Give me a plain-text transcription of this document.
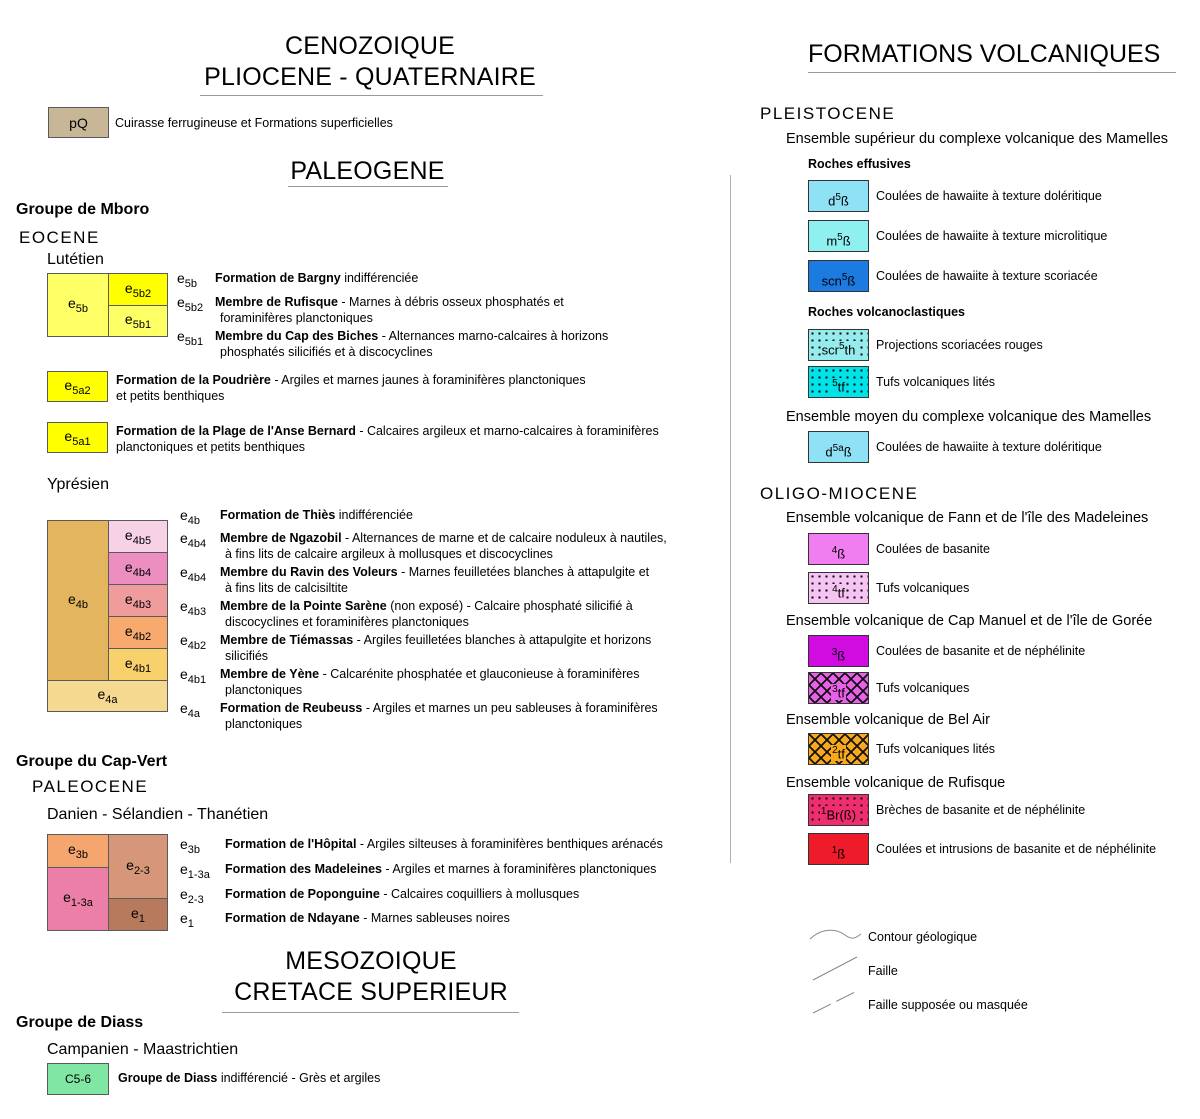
CENOZOIQUE
PLIOCENE - QUATERNAIRE
pQ Cuirasse ferrugineuse et Formations superficielles
PALEOGENE
Groupe de Mboro
EOCENE
Lutétien
$e_{5b}$
$e_{5b2}$
$e_{5b1}$
$e_{5b}$ Formation de Bargny indifférenciée
$e_{5b2}$ Membre de Rufisque - Marnes à débris osseux phosphatés et
foraminifères planctoniques
$e_{5b1}$ Membre du Cap des Biches - Alternances marno-calcaires à horizons
phosphatés silicifiés et à discocyclines
$e_{5a2}$
Formation de la Poudrière - Argiles et marnes jaunes à foraminifères planctoniques
et petits benthiques
$e_{5a1}$
Formation de la Plage de l'Anse Bernard - Calcaires argileux et marno-calcaires à foraminifères
planctoniques et petits benthiques
Yprésien
$e_{4b}$
$e_{4b5}$
$e_{4b4}$
$e_{4b3}$
$e_{4b2}$
$e_{4b1}$
$e_{4a}$
$e_{4b}$ Formation de Thiès indifférenciée
$e_{4b4}$ Membre de Ngazobil - Alternances de marne et de calcaire noduleux à nautiles,
à fins lits de calcaire argileux à mollusques et discocyclines
$e_{4b4}$ Membre du Ravin des Voleurs - Marnes feuilletées blanches à attapulgite et
à fins lits de calcisiltite
$e_{4b3}$ Membre de la Pointe Sarène (non exposé) - Calcaire phosphaté silicifié à
discocyclines et foraminifères planctoniques
$e_{4b2}$ Membre de Tiémassas - Argiles feuilletées blanches à attapulgite et horizons
silicifiés
$e_{4b1}$ Membre de Yène - Calcarénite phosphatée et glauconieuse à foraminifères
planctoniques
$e_{4a}$ Formation de Reubeuss - Argiles et marnes un peu sableuses à foraminifères
planctoniques
Groupe du Cap-Vert
PALEOCENE
Danien - Sélandien - Thanétien
$e_{3b}$
$e_{1-3a}$
$e_{2-3}$
$e_1$
$e_{3b}$ Formation de l'Hôpital - Argiles silteuses à foraminifères benthiques arénacés
$e_{1-3a}$ Formation des Madeleines - Argiles et marnes à foraminifères planctoniques
$e_{2-3}$ Formation de Poponguine - Calcaires coquilliers à mollusques
$e_1$ Formation de Ndayane - Marnes sableuses noires
MESOZOIQUE
CRETACE SUPERIEUR
Groupe de Diass
Campanien - Maastrichtien
C5-6 Groupe de Diass indifférencié - Grès et argiles
FORMATIONS VOLCANIQUES
PLEISTOCENE
Ensemble supérieur du complexe volcanique des Mamelles
Roches effusives
Roches volcanoclastiques
Ensemble moyen du complexe volcanique des Mamelles
OLIGO-MIOCENE
Ensemble volcanique de Fann et de l'île des Madeleines
Ensemble volcanique de Cap Manuel et de l'île de Gorée
Ensemble volcanique de Bel Air
Ensemble volcanique de Rufisque
$d^5ß$ Coulées de hawaiite à texture doléritique
$m^5ß$ Coulées de hawaiite à texture microlitique
scn$^5$ß Coulées de hawaiite à texture scoriacée
scr$^5$th Projections scoriacées rouges
$^5$tf Tufs volcaniques lités
$d^{5a}ß$ Coulées de hawaiite à texture doléritique
$^4$ß Coulées de basanite
$^4$tf Tufs volcaniques
$^3$ß Coulées de basanite et de néphélinite
$^3$tf Tufs volcaniques
$^2$tf Tufs volcaniques lités
$^1$Br(ß) Brèches de basanite et de néphélinite
$^1$ß Coulées et intrusions de basanite et de néphélinite
Contour géologique
Faille
Faille supposée ou masquée
